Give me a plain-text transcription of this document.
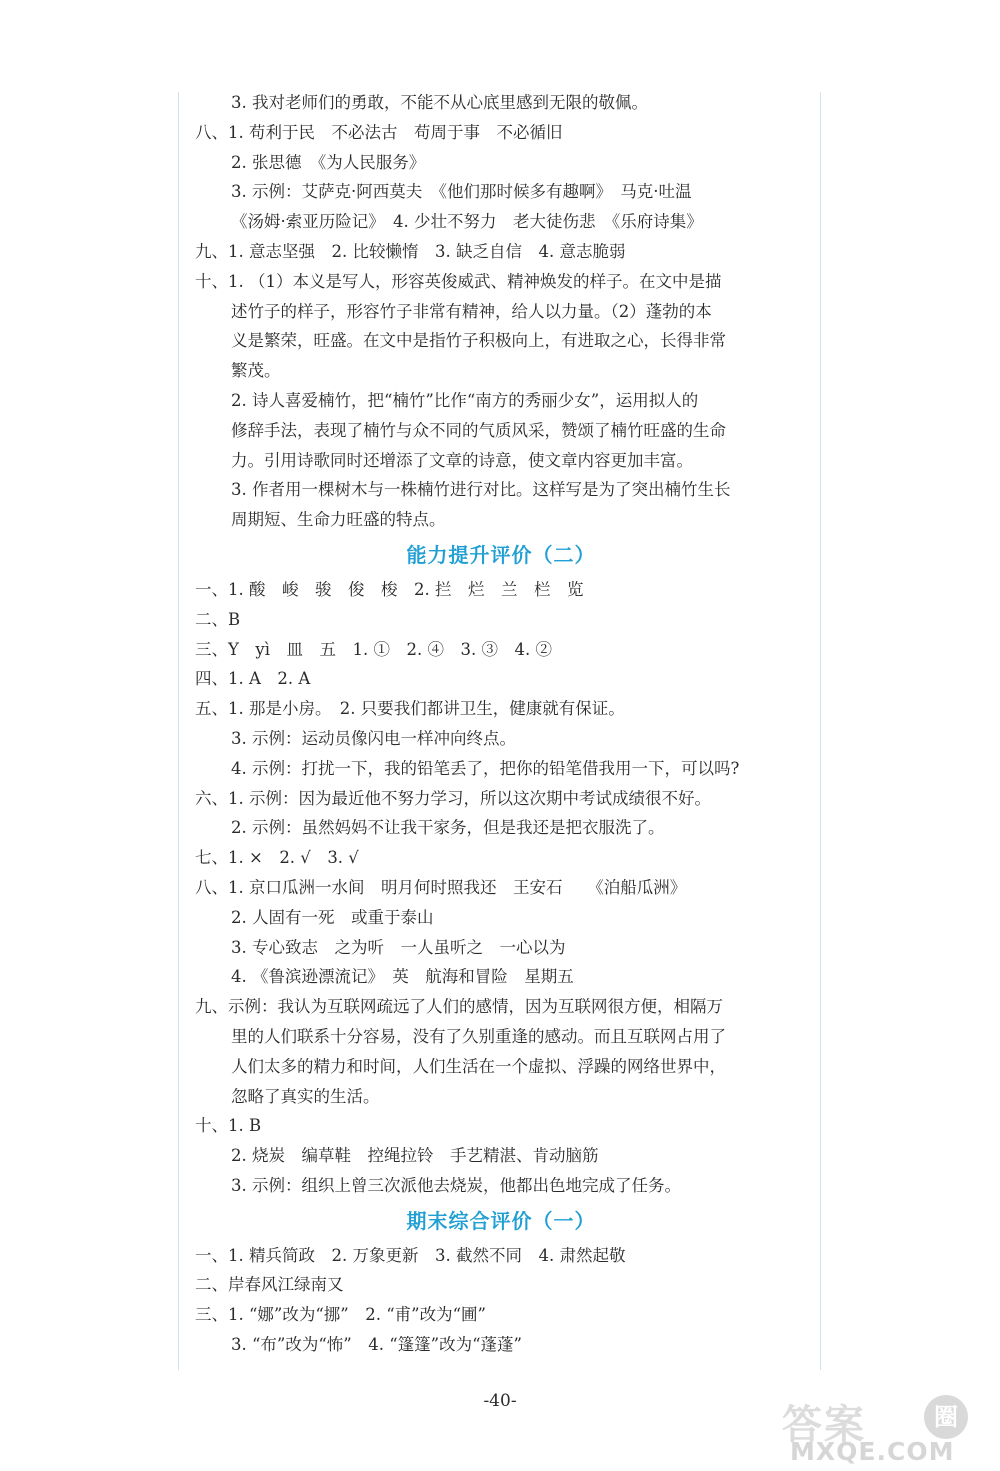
3. 我对老师们的勇敢，不能不从心底里感到无限的敬佩。
八、1. 苟利于民　不必法古　苟周于事　不必循旧
2. 张思德　《为人民服务》
3. 示例：艾萨克·阿西莫夫　《他们那时候多有趣啊》　马克·吐温
《汤姆·索亚历险记》　4. 少壮不努力　老大徒伤悲　《乐府诗集》
九、1. 意志坚强　2. 比较懒惰　3. 缺乏自信　4. 意志脆弱
十、1. （1）本义是写人，形容英俊威武、精神焕发的样子。在文中是描
述竹子的样子，形容竹子非常有精神，给人以力量。（2）蓬勃的本
义是繁荣，旺盛。在文中是指竹子积极向上，有进取之心，长得非常
繁茂。
2. 诗人喜爱楠竹，把“楠竹”比作“南方的秀丽少女”，运用拟人的
修辞手法，表现了楠竹与众不同的气质风采，赞颂了楠竹旺盛的生命
力。引用诗歌同时还增添了文章的诗意，使文章内容更加丰富。
3. 作者用一棵树木与一株楠竹进行对比。这样写是为了突出楠竹生长
周期短、生命力旺盛的特点。
能力提升评价（二）
一、1. 酸　峻　骏　俊　梭　2. 拦　烂　兰　栏　览
二、B
三、Y　yì　皿　五　1. ①　2. ④　3. ③　4. ②
四、1. A　2. A
五、1. 那是小房。　2. 只要我们都讲卫生，健康就有保证。
3. 示例：运动员像闪电一样冲向终点。
4. 示例：打扰一下，我的铅笔丢了，把你的铅笔借我用一下，可以吗?
六、1. 示例：因为最近他不努力学习，所以这次期中考试成绩很不好。
2. 示例：虽然妈妈不让我干家务，但是我还是把衣服洗了。
七、1. ×　2. √　3. √
八、1. 京口瓜洲一水间　明月何时照我还　王安石　　《泊船瓜洲》
2. 人固有一死　或重于泰山
3. 专心致志　之为听　一人虽听之　一心以为
4. 《鲁滨逊漂流记》　英　航海和冒险　星期五
九、示例：我认为互联网疏远了人们的感情，因为互联网很方便，相隔万
里的人们联系十分容易，没有了久别重逢的感动。而且互联网占用了
人们太多的精力和时间，人们生活在一个虚拟、浮躁的网络世界中，
忽略了真实的生活。
十、1. B
2. 烧炭　编草鞋　控绳拉铃　手艺精湛、肯动脑筋
3. 示例：组织上曾三次派他去烧炭，他都出色地完成了任务。
期末综合评价（一）
一、1. 精兵简政　2. 万象更新　3. 截然不同　4. 肃然起敬
二、岸春风江绿南又
三、1. “娜”改为“挪”　2. “甫”改为“圃”
3. “布”改为“怖”　4. “篷篷”改为“蓬蓬”
-40-
答案	圈
MXQE.COM
